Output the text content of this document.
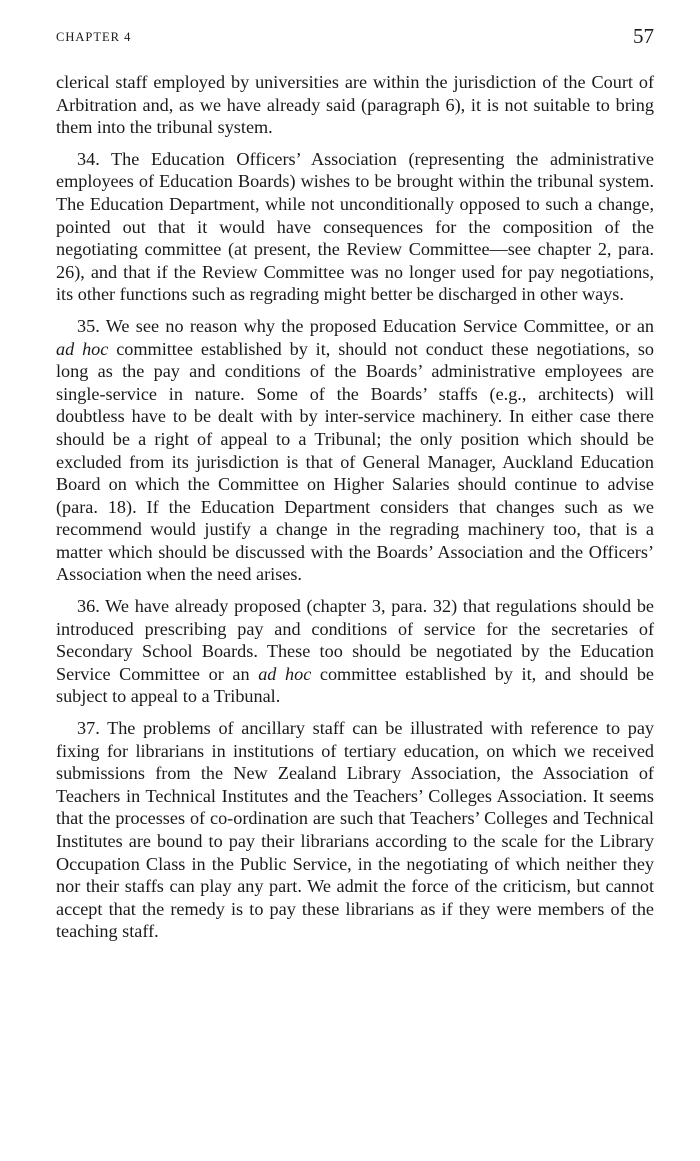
CHAPTER 4	57

clerical staff employed by universities are within the jurisdiction of the Court of Arbitration and, as we have already said (paragraph 6), it is not suitable to bring them into the tribunal system.

34. The Education Officers’ Association (representing the administrative employees of Education Boards) wishes to be brought within the tribunal system. The Education Department, while not unconditionally opposed to such a change, pointed out that it would have consequences for the composition of the negotiating committee (at present, the Review Committee—see chapter 2, para. 26), and that if the Review Committee was no longer used for pay negotiations, its other functions such as regrading might better be discharged in other ways.

35. We see no reason why the proposed Education Service Committee, or an ad hoc committee established by it, should not conduct these negotiations, so long as the pay and conditions of the Boards’ administrative employees are single-service in nature. Some of the Boards’ staffs (e.g., architects) will doubtless have to be dealt with by inter-service machinery. In either case there should be a right of appeal to a Tribunal; the only position which should be excluded from its jurisdiction is that of General Manager, Auckland Education Board on which the Committee on Higher Salaries should continue to advise (para. 18). If the Education Department considers that changes such as we recommend would justify a change in the regrading machinery too, that is a matter which should be discussed with the Boards’ Association and the Officers’ Association when the need arises.

36. We have already proposed (chapter 3, para. 32) that regulations should be introduced prescribing pay and conditions of service for the secretaries of Secondary School Boards. These too should be negotiated by the Education Service Committee or an ad hoc committee established by it, and should be subject to appeal to a Tribunal.

37. The problems of ancillary staff can be illustrated with reference to pay fixing for librarians in institutions of tertiary education, on which we received submissions from the New Zealand Library Association, the Association of Teachers in Technical Institutes and the Teachers’ Colleges Association. It seems that the processes of co-ordination are such that Teachers’ Colleges and Technical Institutes are bound to pay their librarians according to the scale for the Library Occupation Class in the Public Service, in the negotiating of which neither they nor their staffs can play any part. We admit the force of the criticism, but cannot accept that the remedy is to pay these librarians as if they were members of the teaching staff.
